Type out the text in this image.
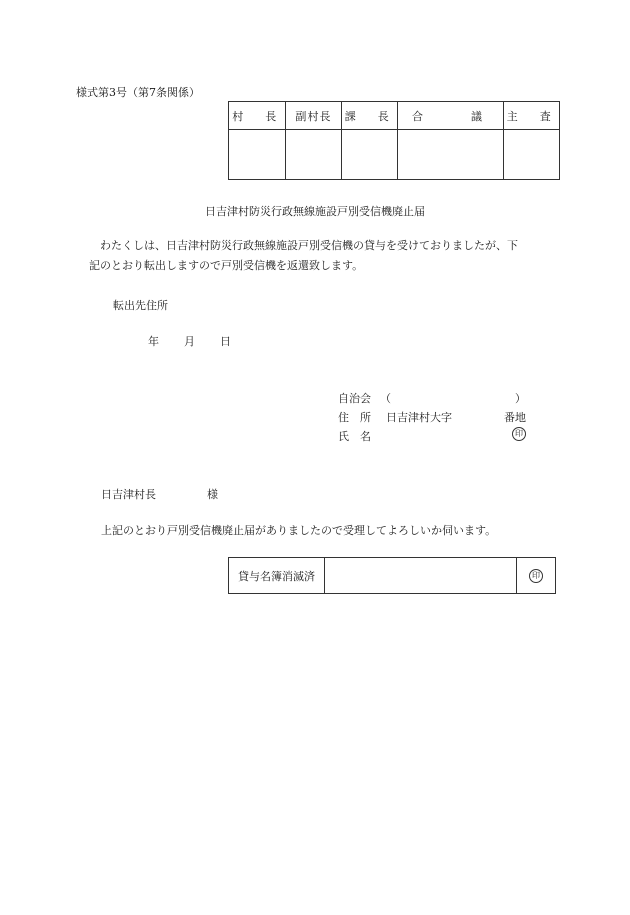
様式第3号（第7条関係）
村　長	副村長	課　長	合 議	主　査

日吉津村防災行政無線施設戸別受信機廃止届
わたくしは、日吉津村防災行政無線施設戸別受信機の貸与を受けておりましたが、下
記のとおり転出しますので戸別受信機を返還致します。
転出先住所
年 月 日
自治会 （	）
住　所 日吉津村大字	番地
氏　名	印
日吉津村長	様
上記のとおり戸別受信機廃止届がありましたので受理してよろしいか伺います。
貸与名簿消滅済		印
